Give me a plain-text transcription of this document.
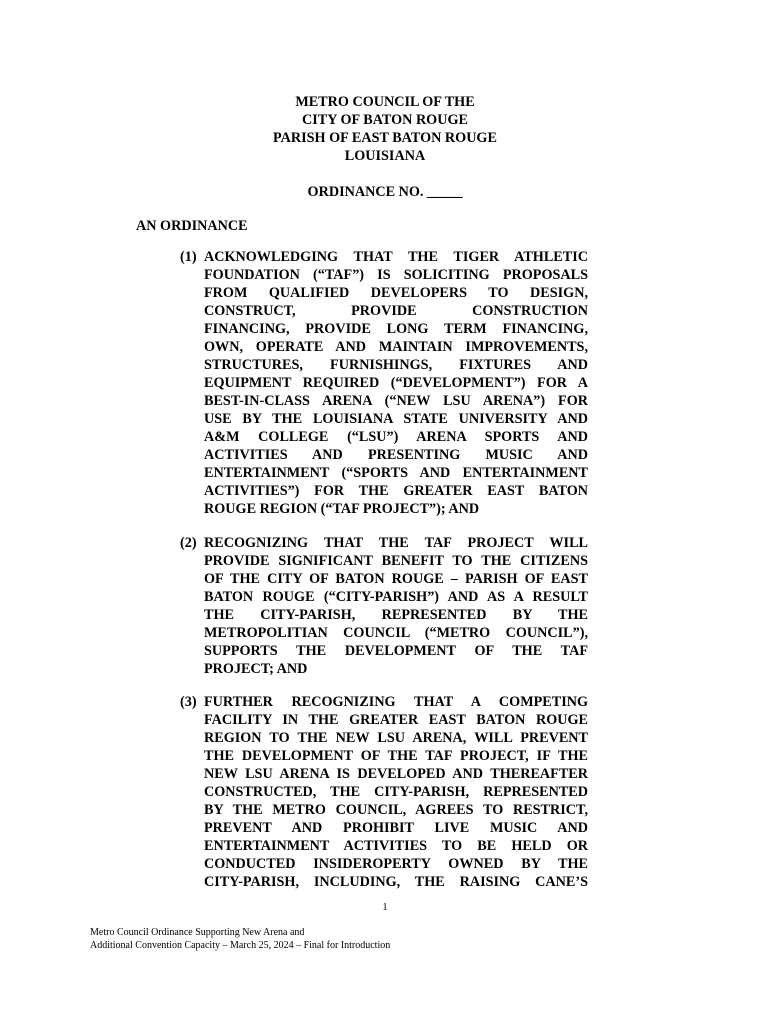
METRO COUNCIL OF THE
CITY OF BATON ROUGE
PARISH OF EAST BATON ROUGE
LOUISIANA
ORDINANCE NO. _____
AN ORDINANCE
(1) ACKNOWLEDGING THAT THE TIGER ATHLETIC
FOUNDATION (“TAF”) IS SOLICITING PROPOSALS
FROM QUALIFIED DEVELOPERS TO DESIGN,
CONSTRUCT, PROVIDE CONSTRUCTION
FINANCING, PROVIDE LONG TERM FINANCING,
OWN, OPERATE AND MAINTAIN IMPROVEMENTS,
STRUCTURES, FURNISHINGS, FIXTURES AND
EQUIPMENT REQUIRED (“DEVELOPMENT”) FOR A
BEST-IN-CLASS ARENA (“NEW LSU ARENA”) FOR
USE BY THE LOUISIANA STATE UNIVERSITY AND
A&M COLLEGE (“LSU”) ARENA SPORTS AND
ACTIVITIES AND PRESENTING MUSIC AND
ENTERTAINMENT (“SPORTS AND ENTERTAINMENT
ACTIVITIES”) FOR THE GREATER EAST BATON
ROUGE REGION (“TAF PROJECT”); AND
(2) RECOGNIZING THAT THE TAF PROJECT WILL
PROVIDE SIGNIFICANT BENEFIT TO THE CITIZENS
OF THE CITY OF BATON ROUGE – PARISH OF EAST
BATON ROUGE (“CITY-PARISH”) AND AS A RESULT
THE CITY-PARISH, REPRESENTED BY THE
METROPOLITIAN COUNCIL (“METRO COUNCIL”),
SUPPORTS THE DEVELOPMENT OF THE TAF
PROJECT; AND
(3) FURTHER RECOGNIZING THAT A COMPETING
FACILITY IN THE GREATER EAST BATON ROUGE
REGION TO THE NEW LSU ARENA, WILL PREVENT
THE DEVELOPMENT OF THE TAF PROJECT, IF THE
NEW LSU ARENA IS DEVELOPED AND THEREAFTER
CONSTRUCTED, THE CITY-PARISH, REPRESENTED
BY THE METRO COUNCIL, AGREES TO RESTRICT,
PREVENT AND PROHIBIT LIVE MUSIC AND
ENTERTAINMENT ACTIVITIES TO BE HELD OR
CONDUCTED INSIDEROPERTY OWNED BY THE
CITY-PARISH, INCLUDING, THE RAISING CANE’S
1
Metro Council Ordinance Supporting New Arena and
Additional Convention Capacity – March 25, 2024 – Final for Introduction
